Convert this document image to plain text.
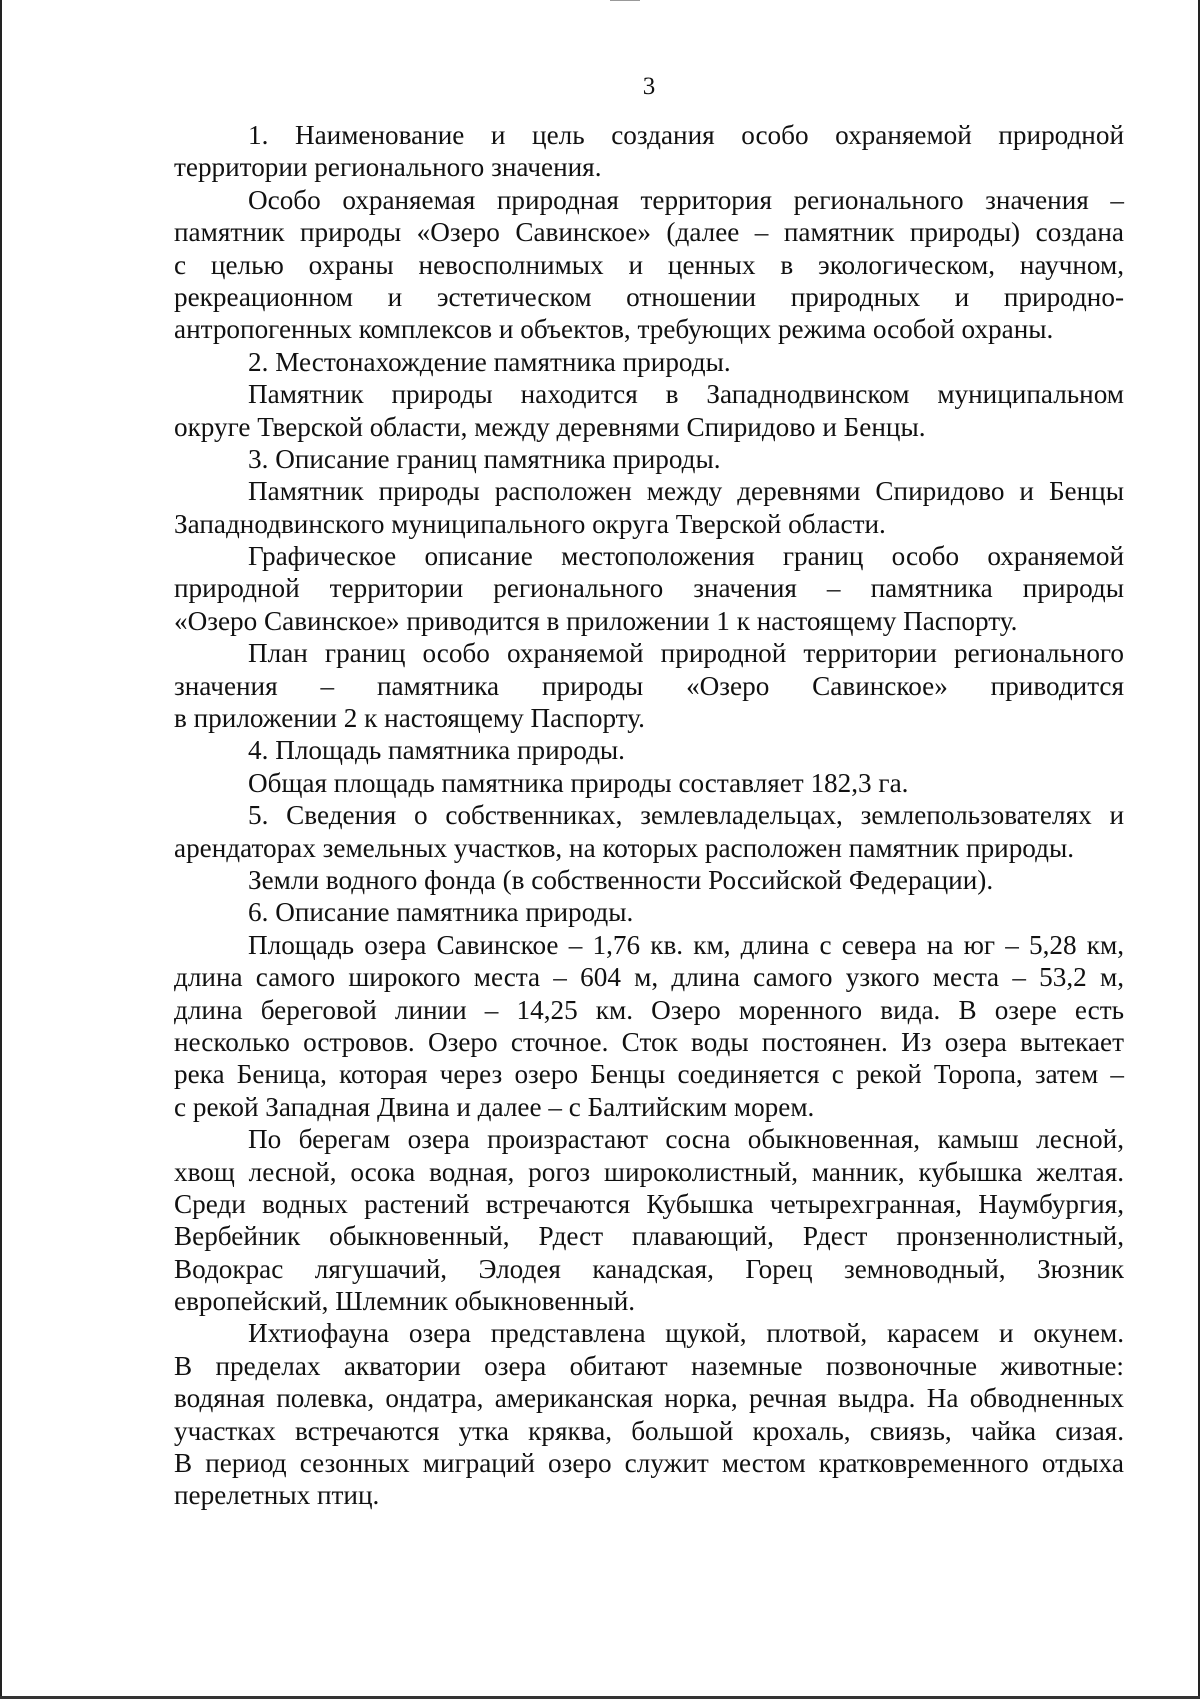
3
1. Наименование и цель создания особо охраняемой природной
территории регионального значения.
Особо охраняемая природная территория регионального значения –
памятник природы «Озеро Савинское» (далее – памятник природы) создана
с целью охраны невосполнимых и ценных в экологическом, научном,
рекреационном и эстетическом отношении природных и природно-
антропогенных комплексов и объектов, требующих режима особой охраны.
2. Местонахождение памятника природы.
Памятник природы находится в Западнодвинском муниципальном
округе Тверской области, между деревнями Спиридово и Бенцы.
3. Описание границ памятника природы.
Памятник природы расположен между деревнями Спиридово и Бенцы
Западнодвинского муниципального округа Тверской области.
Графическое описание местоположения границ особо охраняемой
природной территории регионального значения – памятника природы
«Озеро Савинское» приводится в приложении 1 к настоящему Паспорту.
План границ особо охраняемой природной территории регионального
значения – памятника природы «Озеро Савинское» приводится
в приложении 2 к настоящему Паспорту.
4. Площадь памятника природы.
Общая площадь памятника природы составляет 182,3 га.
5. Сведения о собственниках, землевладельцах, землепользователях и
арендаторах земельных участков, на которых расположен памятник природы.
Земли водного фонда (в собственности Российской Федерации).
6. Описание памятника природы.
Площадь озера Савинское – 1,76 кв. км, длина с севера на юг – 5,28 км,
длина самого широкого места – 604 м, длина самого узкого места – 53,2 м,
длина береговой линии – 14,25 км. Озеро моренного вида. В озере есть
несколько островов. Озеро сточное. Сток воды постоянен. Из озера вытекает
река Беница, которая через озеро Бенцы соединяется с рекой Торопа, затем –
с рекой Западная Двина и далее – с Балтийским морем.
По берегам озера произрастают сосна обыкновенная, камыш лесной,
хвощ лесной, осока водная, рогоз широколистный, манник, кубышка желтая.
Среди водных растений встречаются Кубышка четырехгранная, Наумбургия,
Вербейник обыкновенный, Рдест плавающий, Рдест пронзеннолистный,
Водокрас лягушачий, Элодея канадская, Горец земноводный, Зюзник
европейский, Шлемник обыкновенный.
Ихтиофауна озера представлена щукой, плотвой, карасем и окунем.
В пределах акватории озера обитают наземные позвоночные животные:
водяная полевка, ондатра, американская норка, речная выдра. На обводненных
участках встречаются утка кряква, большой крохаль, свиязь, чайка сизая.
В период сезонных миграций озеро служит местом кратковременного отдыха
перелетных птиц.
